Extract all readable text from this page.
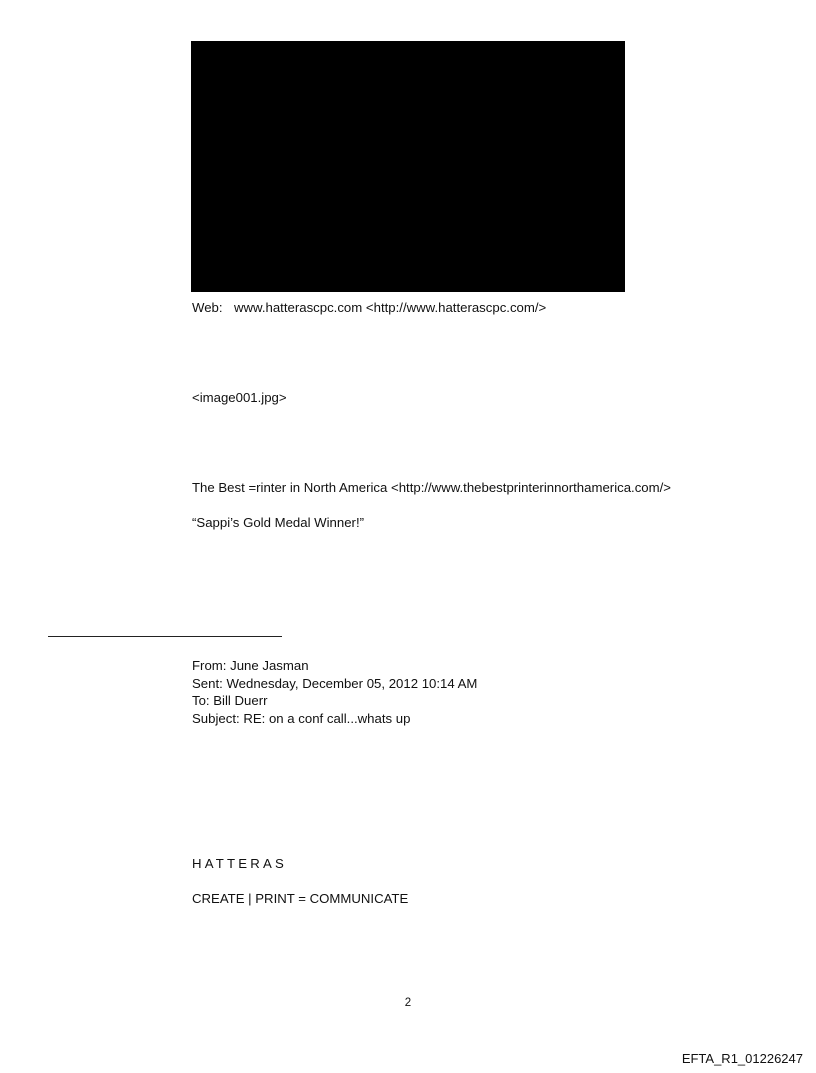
Web: www.hatterascpc.com <http://www.hatterascpc.com/>
<image001.jpg>
The Best =rinter in North America <http://www.thebestprinterinnorthamerica.com/>
“Sappi’s Gold Medal Winner!”
From: June Jasman
Sent: Wednesday, December 05, 2012 10:14 AM
To: Bill Duerr
Subject: RE: on a conf call...whats up
HATTERAS
CREATE | PRINT = COMMUNICATE
2
EFTA_R1_01226247
